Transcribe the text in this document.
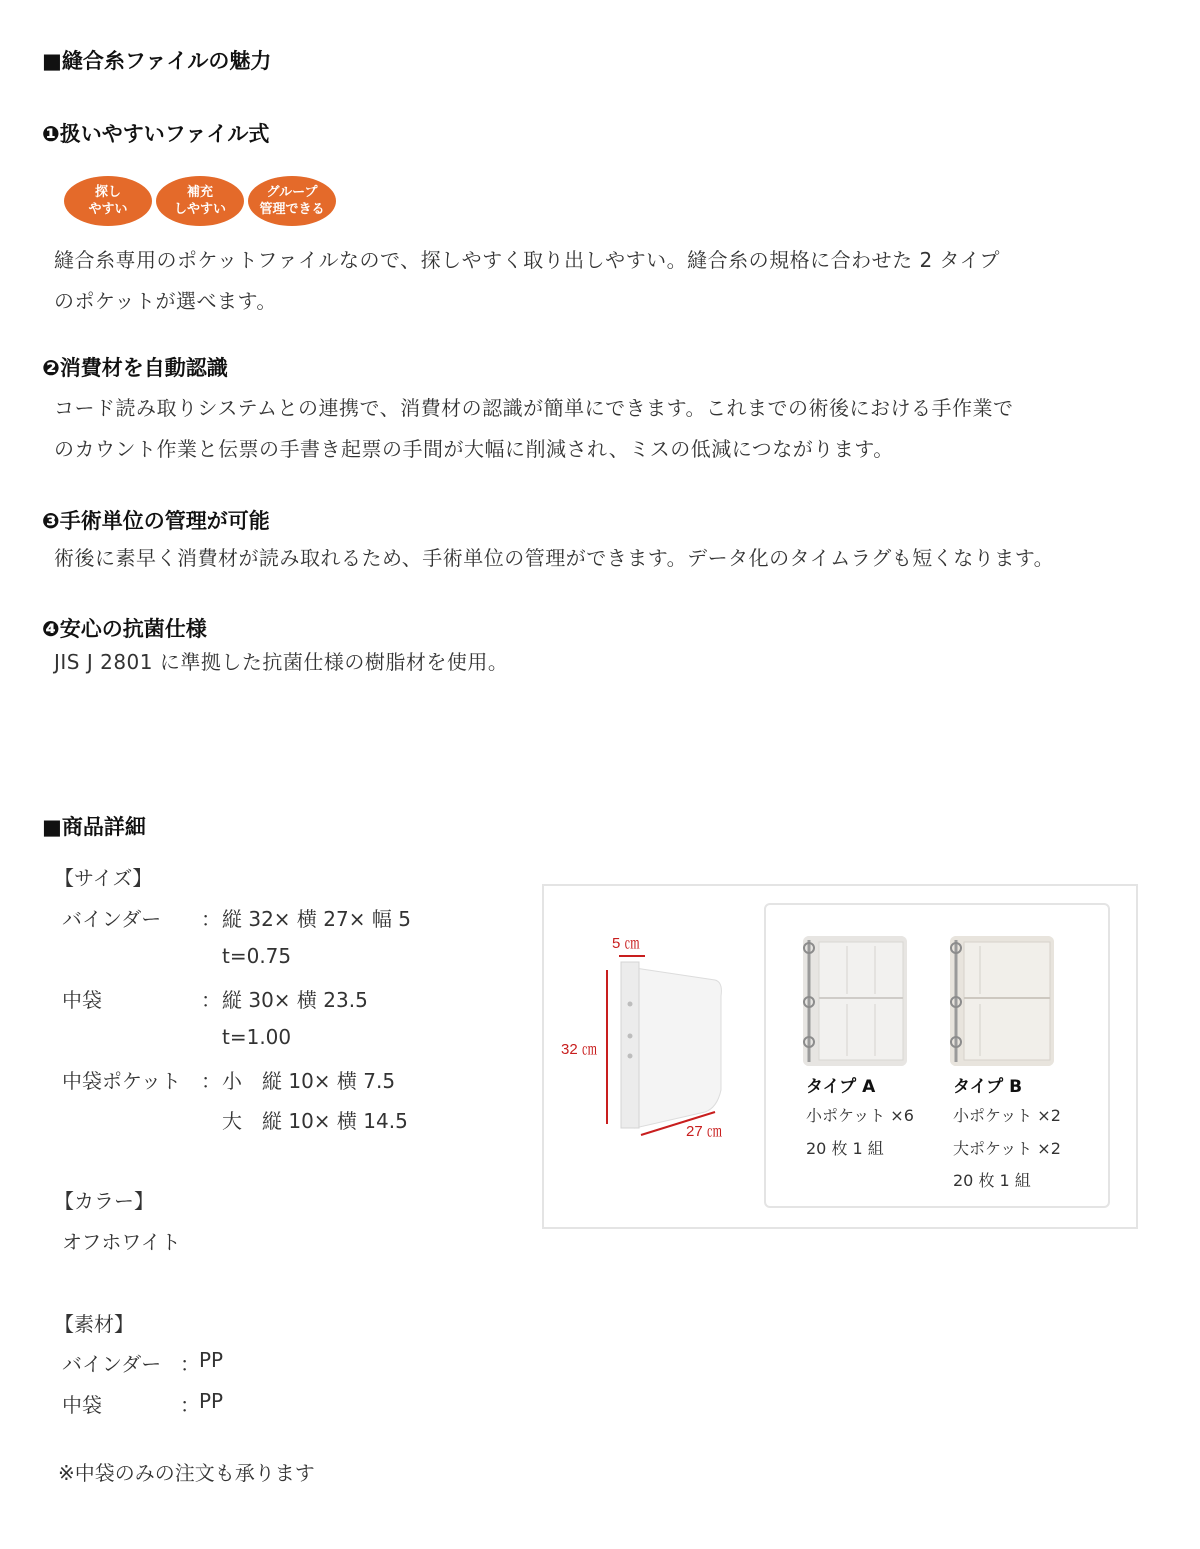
■縫合糸ファイルの魅力
❶扱いやすいファイル式
探し
やすい
補充
しやすい
グループ
管理できる
縫合糸専用のポケットファイルなので、探しやすく取り出しやすい。縫合糸の規格に合わせた 2 タイプ
のポケットが選べます。
❷消費材を自動認識
コード読み取りシステムとの連携で、消費材の認識が簡単にできます。これまでの術後における手作業で
のカウント作業と伝票の手書き起票の手間が大幅に削減され、ミスの低減につながります。
❸手術単位の管理が可能
術後に素早く消費材が読み取れるため、手術単位の管理ができます。データ化のタイムラグも短くなります。
❹安心の抗菌仕様
JIS J 2801 に準拠した抗菌仕様の樹脂材を使用。
■商品詳細
【サイズ】
バインダー ： 縦 32× 横 27× 幅 5
t=0.75
中袋	： 縦 30× 横 23.5
t=1.00
中袋ポケット ： 小　縦 10× 横 7.5
大　縦 10× 横 14.5
【カラー】
オフホワイト
【素材】
バインダー ： PP
中袋	： PP
※中袋のみの注文も承ります
5 ㎝
32 ㎝
27 ㎝
タイプ A
小ポケット ×6
20 枚 1 組
タイプ B
小ポケット ×2
大ポケット ×2
20 枚 1 組
